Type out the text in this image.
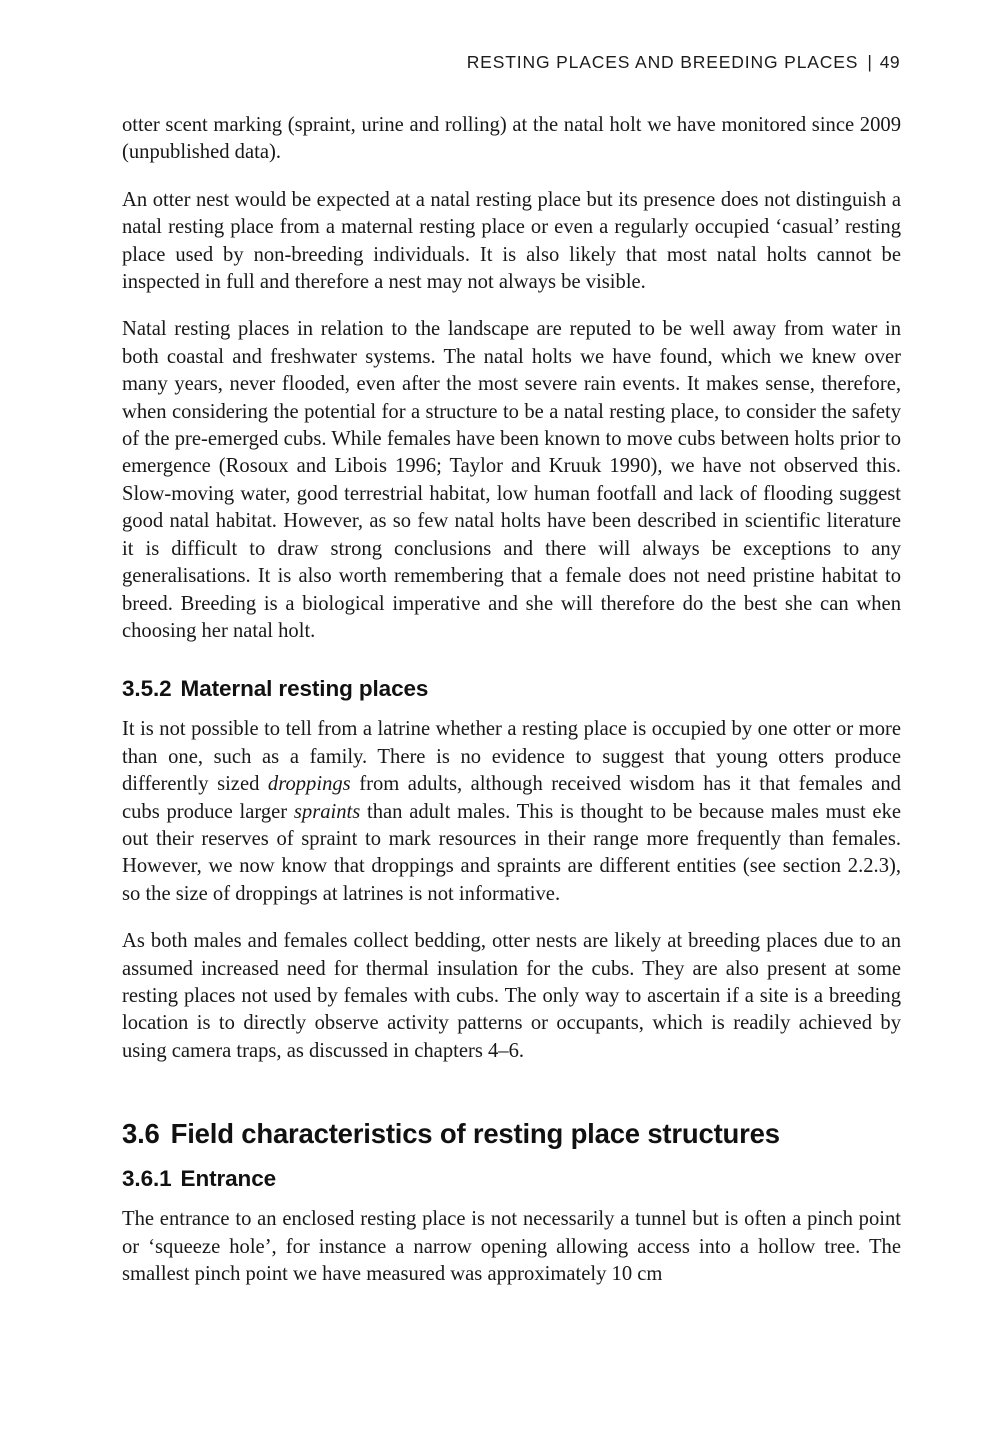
RESTING PLACES AND BREEDING PLACES | 49

otter scent marking (spraint, urine and rolling) at the natal holt we have monitored since 2009 (unpublished data).

An otter nest would be expected at a natal resting place but its presence does not distinguish a natal resting place from a maternal resting place or even a regularly occupied ‘casual’ resting place used by non-breeding individuals. It is also likely that most natal holts cannot be inspected in full and therefore a nest may not always be visible.

Natal resting places in relation to the landscape are reputed to be well away from water in both coastal and freshwater systems. The natal holts we have found, which we knew over many years, never flooded, even after the most severe rain events. It makes sense, therefore, when considering the potential for a structure to be a natal resting place, to consider the safety of the pre-emerged cubs. While females have been known to move cubs between holts prior to emergence (Rosoux and Libois 1996; Taylor and Kruuk 1990), we have not observed this. Slow-moving water, good terrestrial habitat, low human footfall and lack of flooding suggest good natal habitat. However, as so few natal holts have been described in scientific literature it is difficult to draw strong conclusions and there will always be exceptions to any generalisations. It is also worth remembering that a female does not need pristine habitat to breed. Breeding is a biological imperative and she will therefore do the best she can when choosing her natal holt.

3.5.2 Maternal resting places

It is not possible to tell from a latrine whether a resting place is occupied by one otter or more than one, such as a family. There is no evidence to suggest that young otters produce differently sized droppings from adults, although received wisdom has it that females and cubs produce larger spraints than adult males. This is thought to be because males must eke out their reserves of spraint to mark resources in their range more frequently than females. However, we now know that droppings and spraints are different entities (see section 2.2.3), so the size of droppings at latrines is not informative.

As both males and females collect bedding, otter nests are likely at breeding places due to an assumed increased need for thermal insulation for the cubs. They are also present at some resting places not used by females with cubs. The only way to ascertain if a site is a breeding location is to directly observe activity patterns or occupants, which is readily achieved by using camera traps, as discussed in chapters 4–6.

3.6 Field characteristics of resting place structures
3.6.1 Entrance

The entrance to an enclosed resting place is not necessarily a tunnel but is often a pinch point or ‘squeeze hole’, for instance a narrow opening allowing access into a hollow tree. The smallest pinch point we have measured was approximately 10 cm
